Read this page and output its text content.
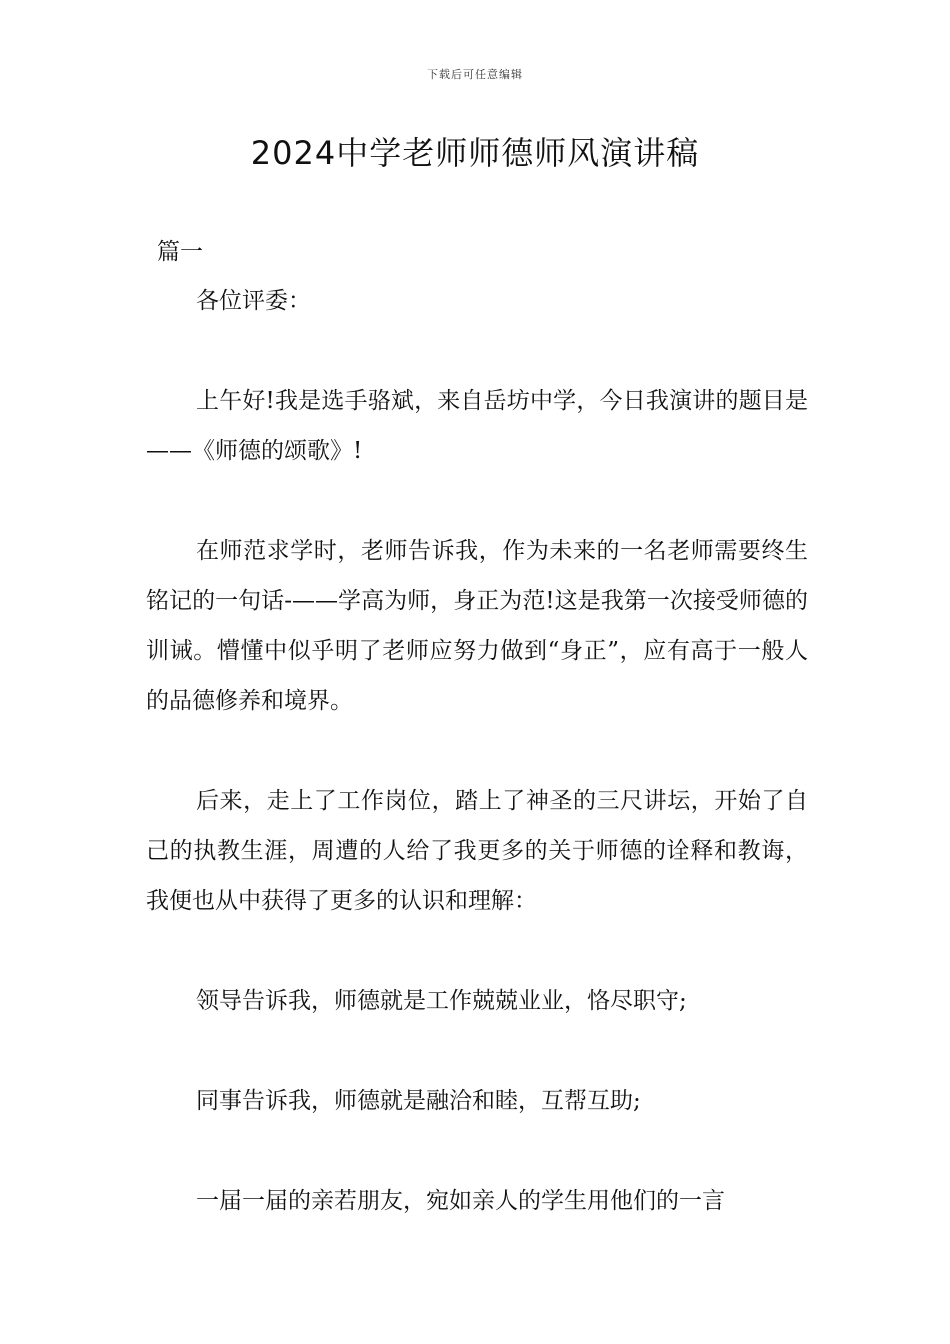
下载后可任意编辑
2024中学老师师德师风演讲稿
篇一

各位评委：

上午好!我是选手骆斌，来自岳坊中学，今日我演讲的题目是——《师德的颂歌》!

在师范求学时，老师告诉我，作为未来的一名老师需要终生铭记的一句话-——学高为师，身正为范!这是我第一次接受师德的训诫。懵懂中似乎明了老师应努力做到“身正”，应有高于一般人的品德修养和境界。

后来，走上了工作岗位，踏上了神圣的三尺讲坛，开始了自己的执教生涯，周遭的人给了我更多的关于师德的诠释和教诲，我便也从中获得了更多的认识和理解：

领导告诉我，师德就是工作兢兢业业，恪尽职守;

同事告诉我，师德就是融洽和睦，互帮互助;

一届一届的亲若朋友，宛如亲人的学生用他们的一言
